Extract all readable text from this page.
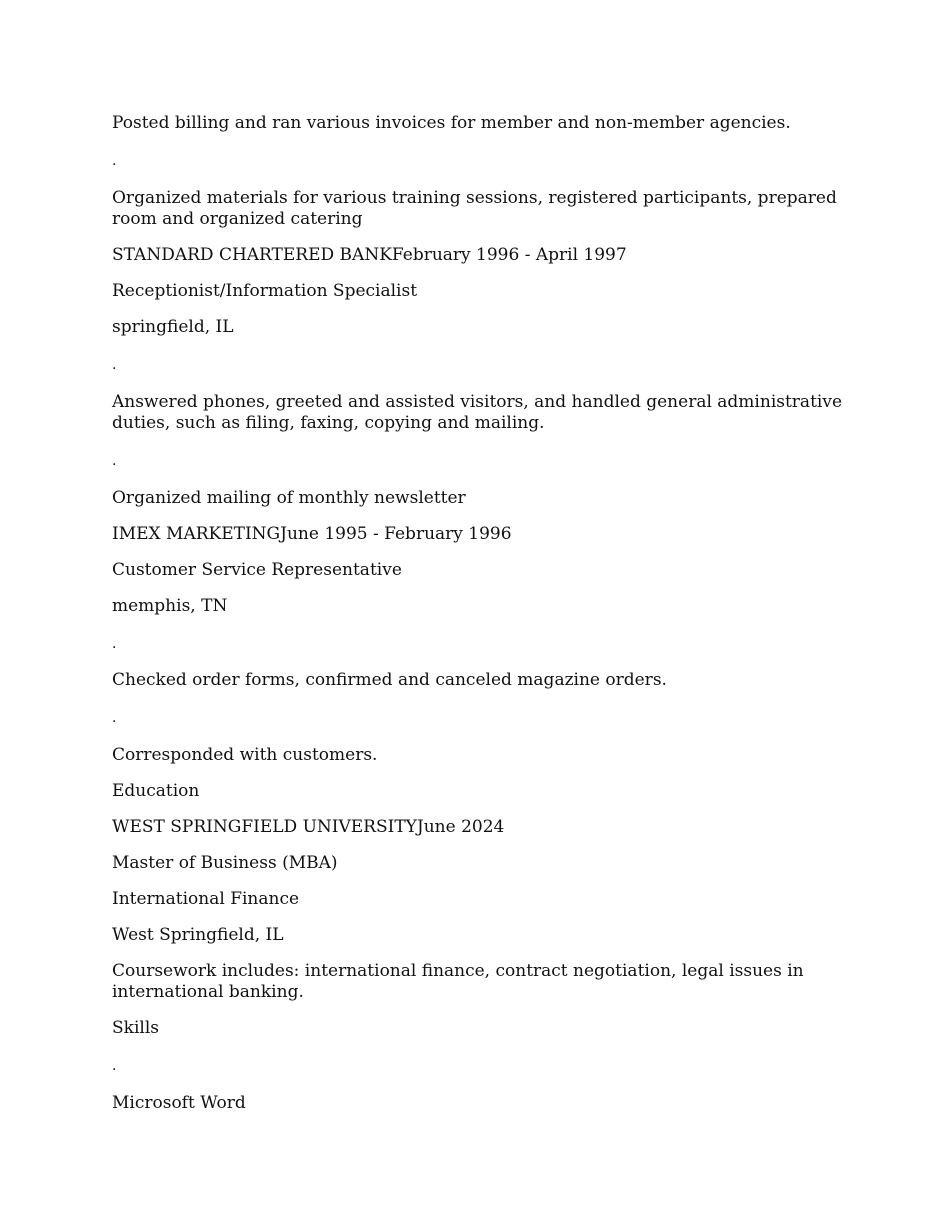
Posted billing and ran various invoices for member and non-member agencies.

.

Organized materials for various training sessions, registered participants, prepared room and organized catering

STANDARD CHARTERED BANKFebruary 1996 - April 1997

Receptionist/Information Specialist

springfield, IL

.

Answered phones, greeted and assisted visitors, and handled general administrative duties, such as filing, faxing, copying and mailing.

.

Organized mailing of monthly newsletter

IMEX MARKETINGJune 1995 - February 1996

Customer Service Representative

memphis, TN

.

Checked order forms, confirmed and canceled magazine orders.

.

Corresponded with customers.

Education

WEST SPRINGFIELD UNIVERSITYJune 2024

Master of Business (MBA)

International Finance

West Springfield, IL

Coursework includes: international finance, contract negotiation, legal issues in international banking.

Skills

.

Microsoft Word
